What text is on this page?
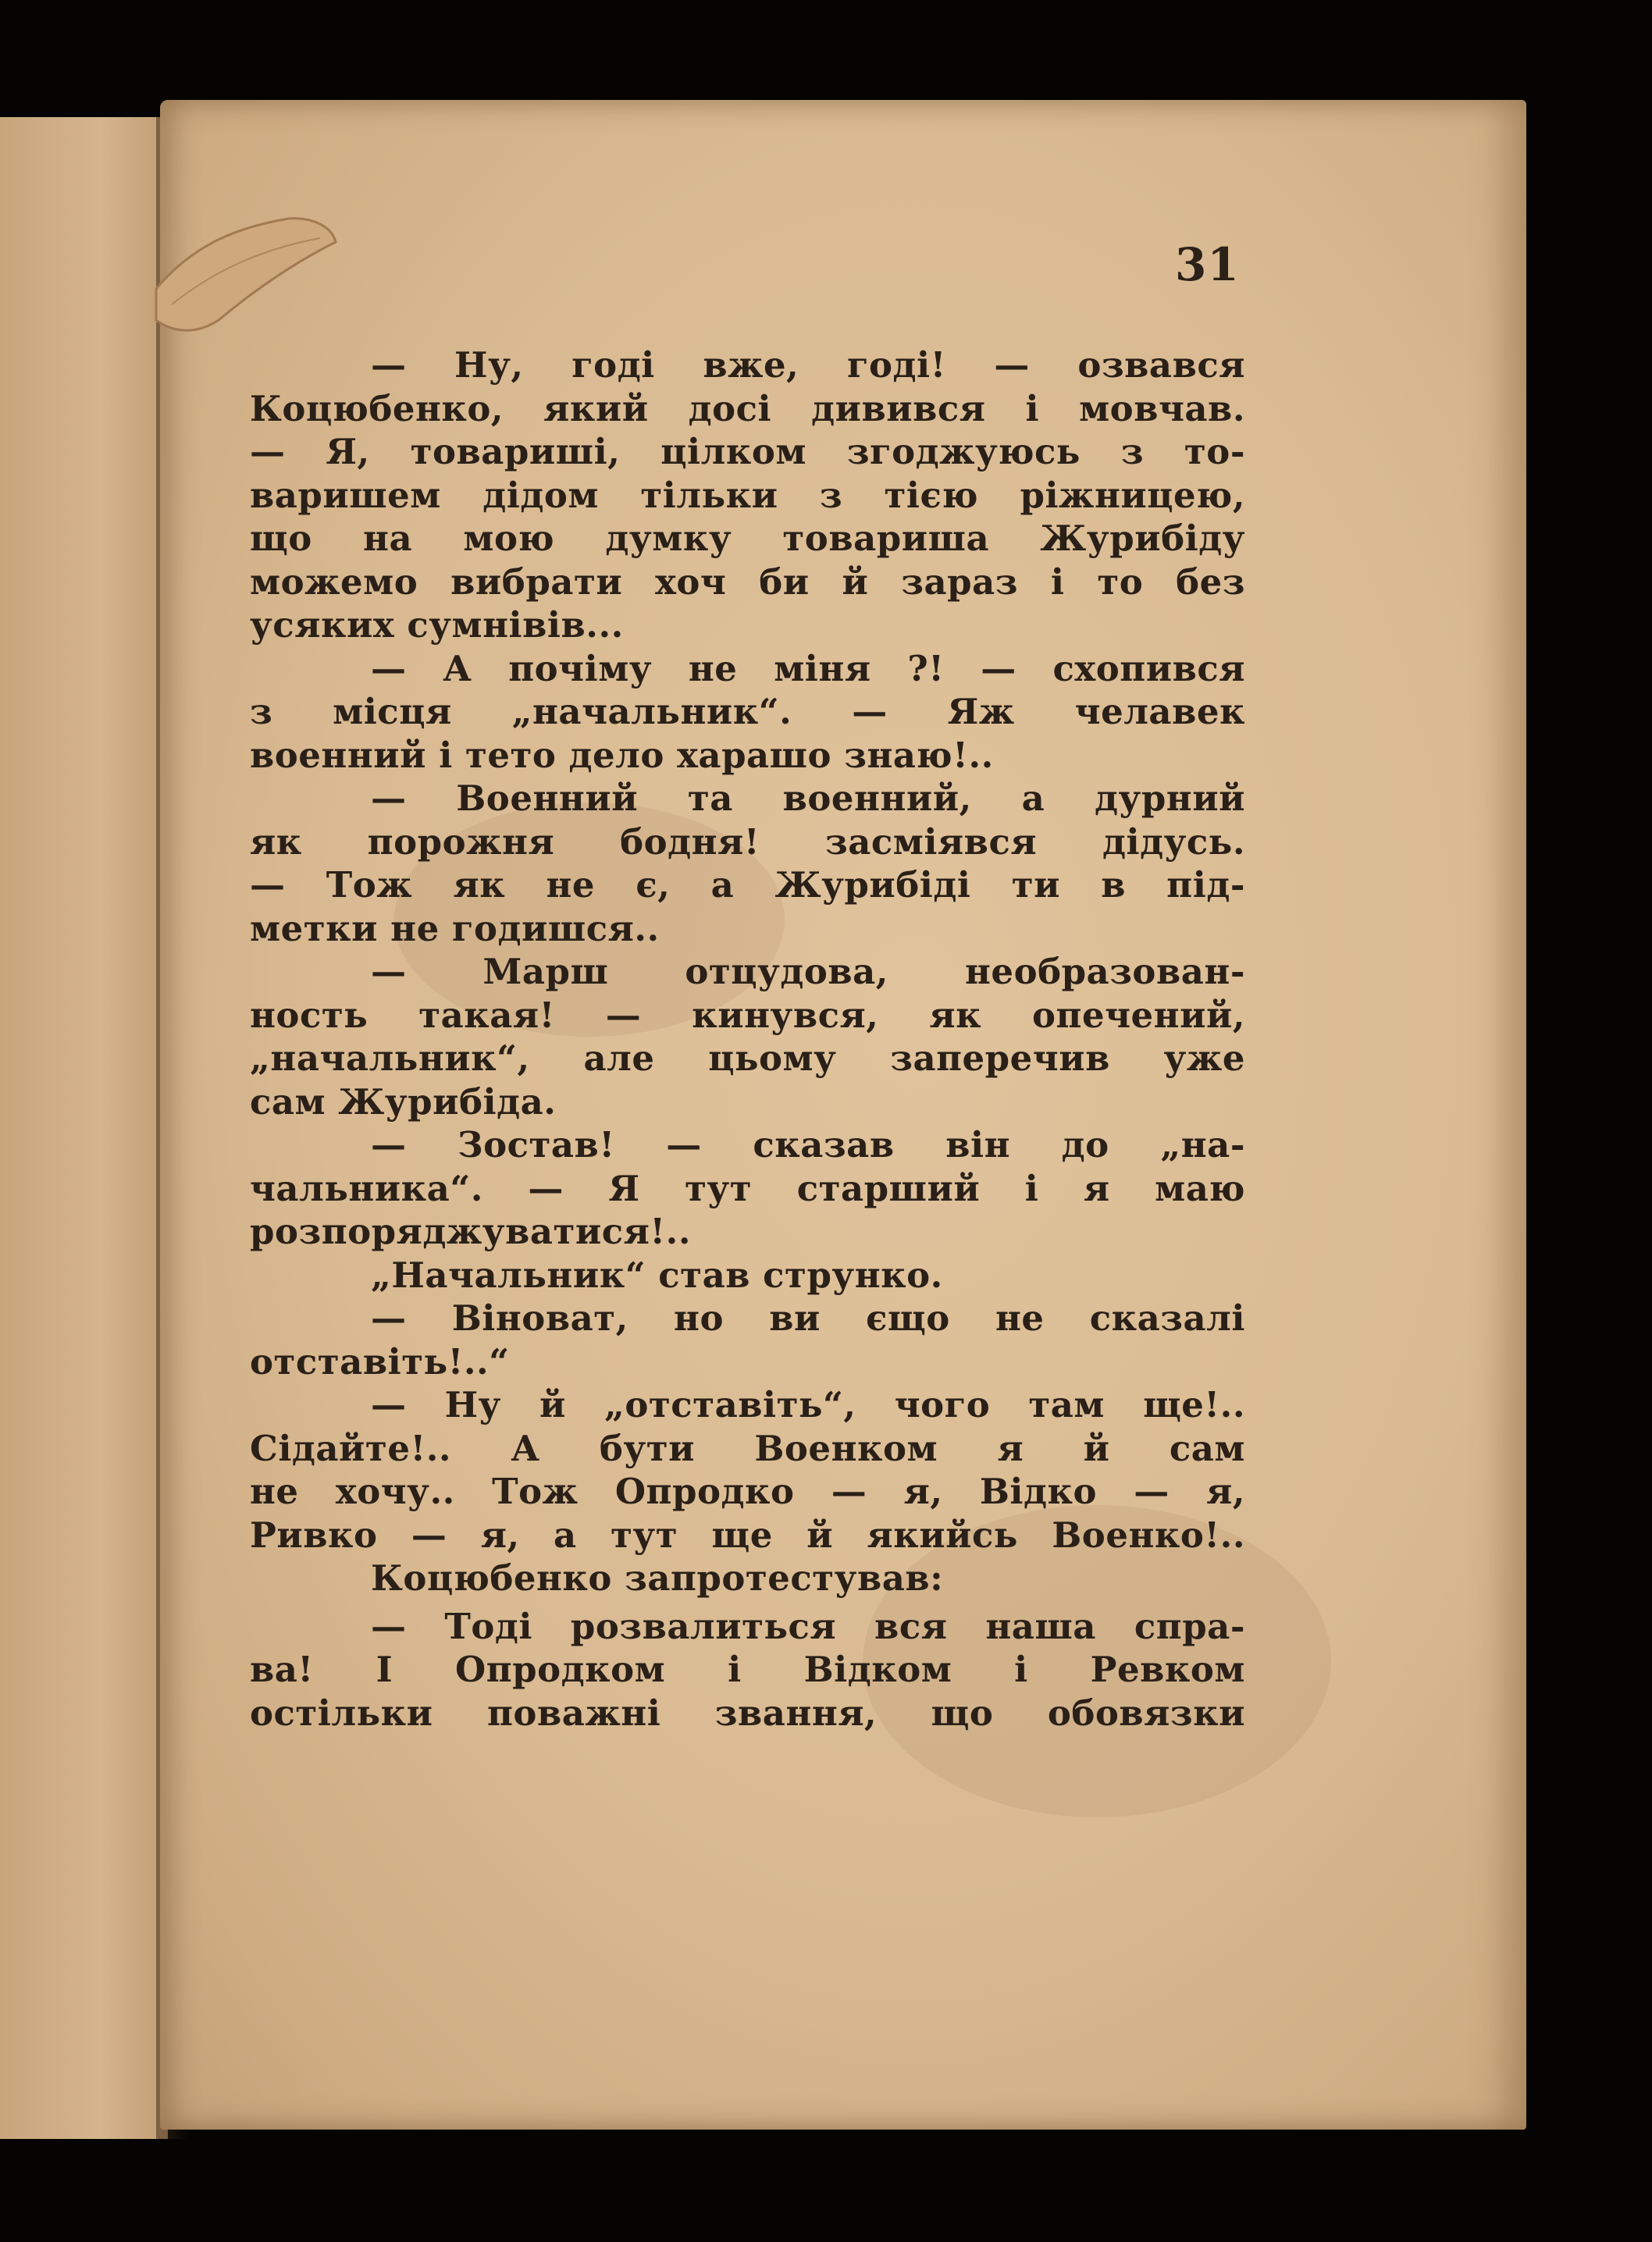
31
— Ну, годі вже, годі! — озвався
Коцюбенко, який досі дивився і мовчав.
— Я, товариші, цілком згоджуюсь з то-
варишем дідом тільки з тією ріжницею,
що на мою думку товариша Журибіду
можемо вибрати хоч би й зараз і то без
усяких сумнівів...
— А почіму не міня ?! — схопився
з місця „начальник“. — Яж челавек
военний і тето дело харашо знаю!..
— Военний та военний, а дурний
як порожня бодня! засміявся дідусь.
— Тож як не є, а Журибіді ти в під-
метки не годишся..
— Марш отцудова, необразован-
ность такая! — кинувся, як опечений,
„начальник“, але цьому заперечив уже
сам Журибіда.
— Зостав! — сказав він до „на-
чальника“. — Я тут старший і я маю
розпоряджуватися!..
„Начальник“ став струнко.
— Віноват, но ви єщо не сказалі
отставіть!..“
— Ну й „отставіть“, чого там ще!..
Сідайте!.. А бути Военком я й сам
не хочу.. Тож Опродко — я, Відко — я,
Ривко — я, а тут ще й якийсь Военко!..
Коцюбенко запротестував:
— Тоді розвалиться вся наша спра-
ва! І Опродком і Відком і Ревком
остільки поважні звання, що обовязки
